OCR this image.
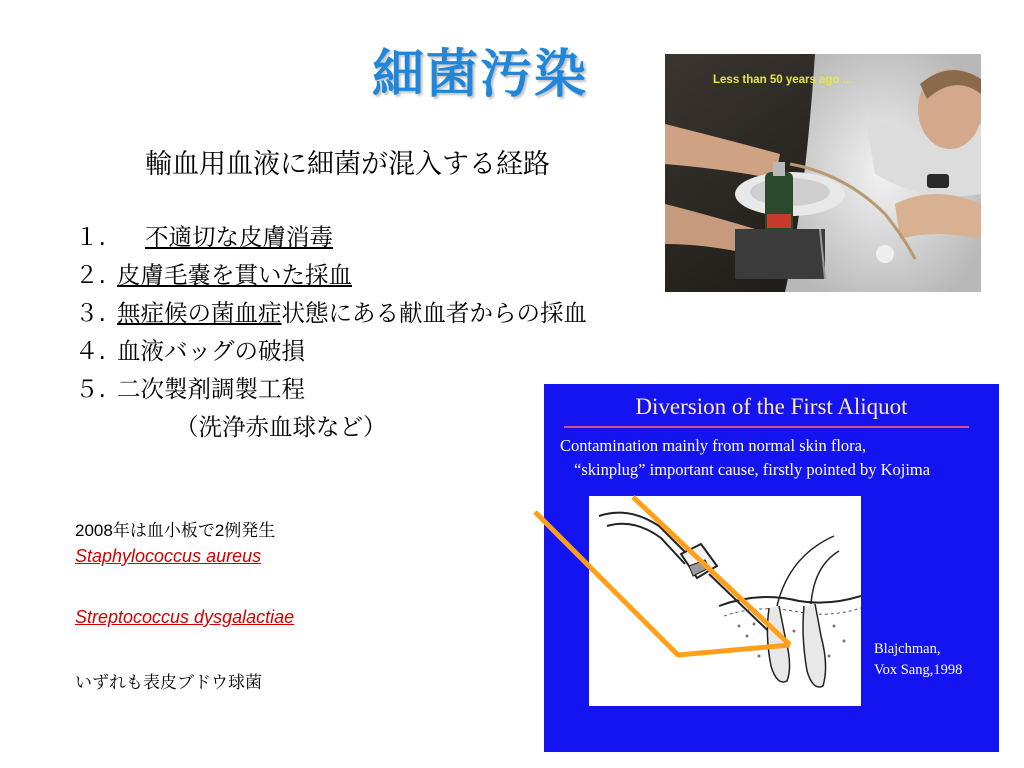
細菌汚染
輸血用血液に細菌が混入する経路
１. 不適切な皮膚消毒
２. 皮膚毛嚢を貫いた採血
３. 無症候の菌血症状態にある献血者からの採血
４. 血液バッグの破損
５. 二次製剤調製工程
（洗浄赤血球など）
2008年は血小板で2例発生
Staphylococcus aureus
Streptococcus dysgalactiae
いずれも表皮ブドウ球菌
Less than 50 years ago ...
Diversion of the First Aliquot
Contamination mainly from normal skin flora,
“skinplug” important cause, firstly pointed by Kojima
Blajchman,
Vox Sang,1998
